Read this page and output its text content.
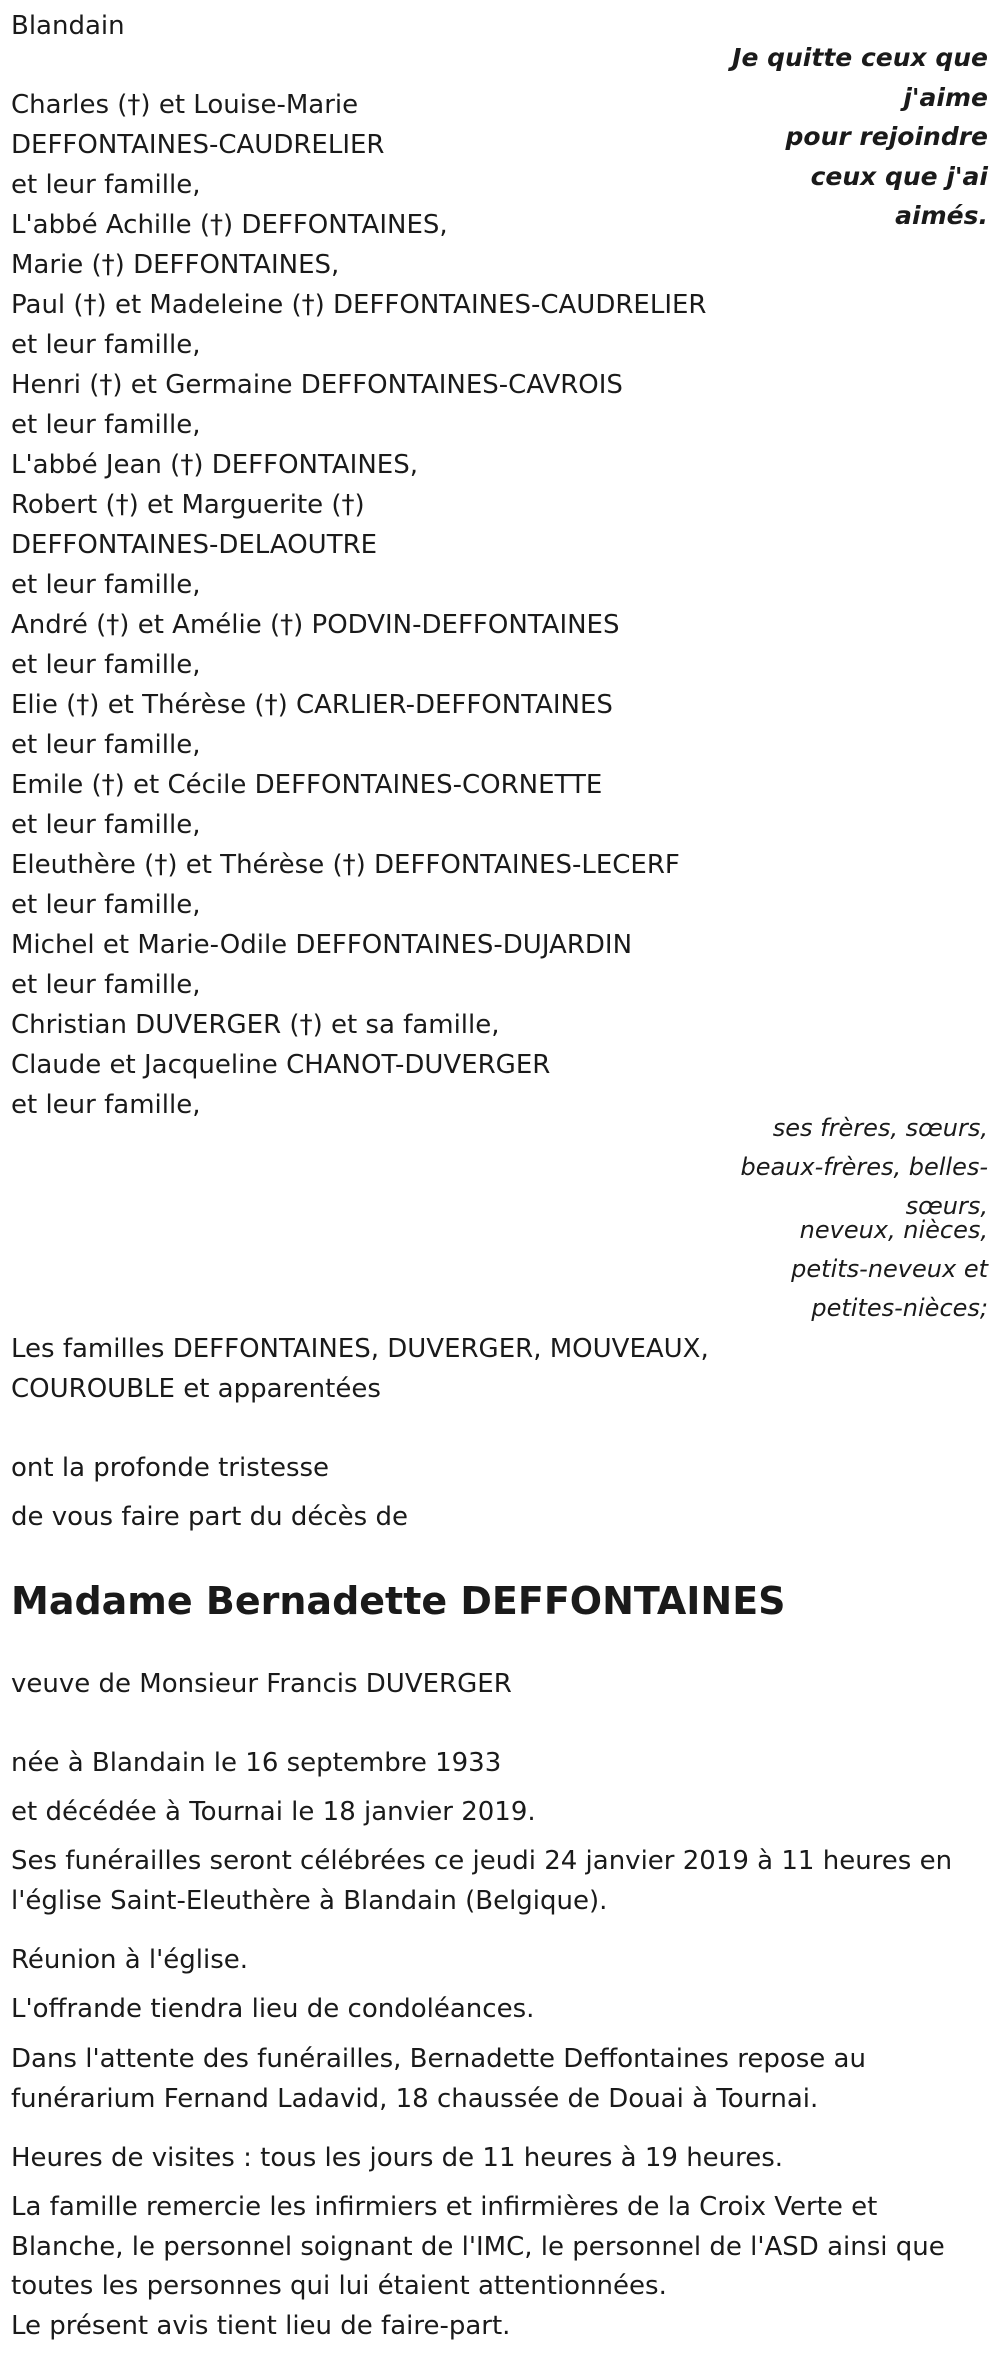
Blandain
Je quitte ceux que
j'aime
pour rejoindre
ceux que j'ai
aimés.
Charles (†) et Louise-Marie
DEFFONTAINES-CAUDRELIER
et leur famille,
L'abbé Achille (†) DEFFONTAINES,
Marie (†) DEFFONTAINES,
Paul (†) et Madeleine (†) DEFFONTAINES-CAUDRELIER
et leur famille,
Henri (†) et Germaine DEFFONTAINES-CAVROIS
et leur famille,
L'abbé Jean (†) DEFFONTAINES,
Robert (†) et Marguerite (†)
DEFFONTAINES-DELAOUTRE
et leur famille,
André (†) et Amélie (†) PODVIN-DEFFONTAINES
et leur famille,
Elie (†) et Thérèse (†) CARLIER-DEFFONTAINES
et leur famille,
Emile (†) et Cécile DEFFONTAINES-CORNETTE
et leur famille,
Eleuthère (†) et Thérèse (†) DEFFONTAINES-LECERF
et leur famille,
Michel et Marie-Odile DEFFONTAINES-DUJARDIN
et leur famille,
Christian DUVERGER (†) et sa famille,
Claude et Jacqueline CHANOT-DUVERGER
et leur famille,
ses frères, sœurs,
beaux-frères, belles-
sœurs,
neveux, nièces,
petits-neveux et
petites-nièces;
Les familles DEFFONTAINES, DUVERGER, MOUVEAUX,
COUROUBLE et apparentées
ont la profonde tristesse
de vous faire part du décès de
Madame Bernadette DEFFONTAINES
veuve de Monsieur Francis DUVERGER
née à Blandain le 16 septembre 1933
et décédée à Tournai le 18 janvier 2019.
Ses funérailles seront célébrées ce jeudi 24 janvier 2019 à 11 heures en l'église Saint-Eleuthère à Blandain (Belgique).
Réunion à l'église.
L'offrande tiendra lieu de condoléances.
Dans l'attente des funérailles, Bernadette Deffontaines repose au funérarium Fernand Ladavid, 18 chaussée de Douai à Tournai.
Heures de visites : tous les jours de 11 heures à 19 heures.
La famille remercie les infirmiers et infirmières de la Croix Verte et Blanche, le personnel soignant de l'IMC, le personnel de l'ASD ainsi que toutes les personnes qui lui étaient attentionnées.
Le présent avis tient lieu de faire-part.
